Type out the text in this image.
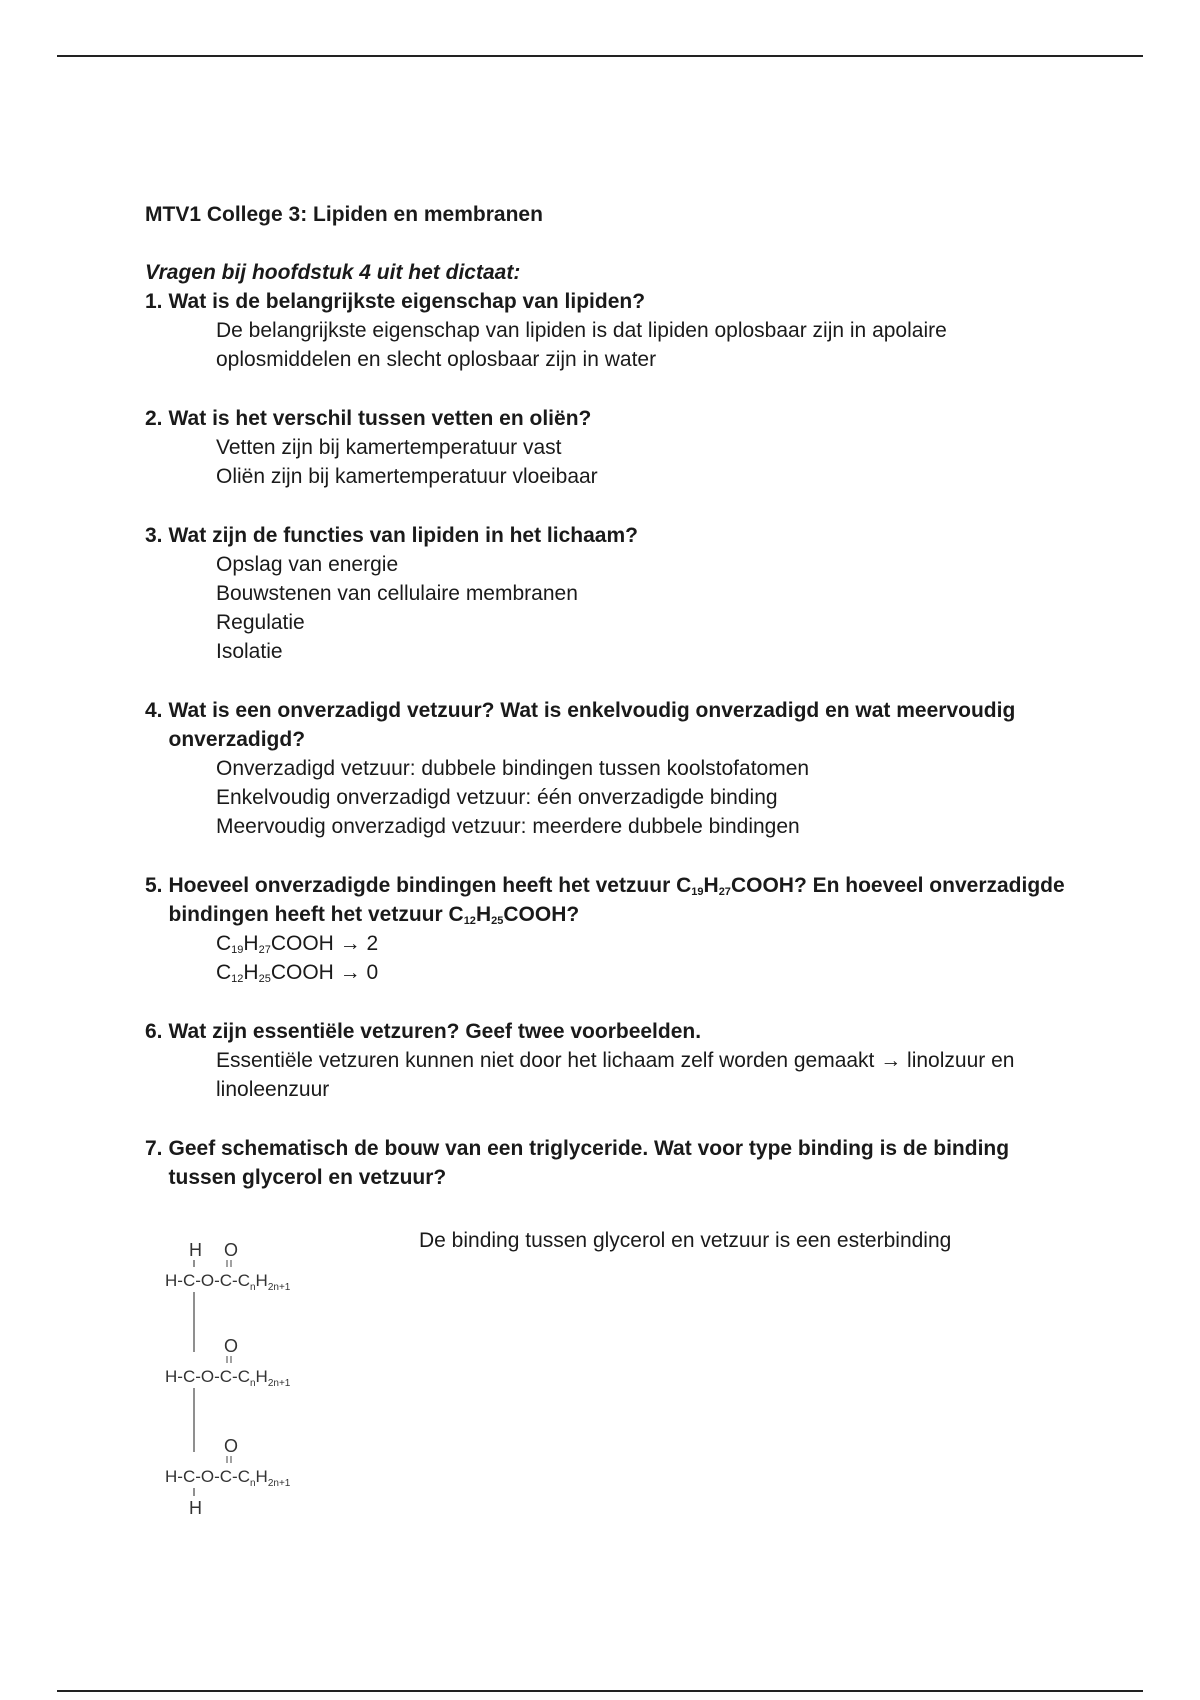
MTV1 College 3: Lipiden en membranen
Vragen bij hoofdstuk 4 uit het dictaat:
1. Wat is de belangrijkste eigenschap van lipiden?
De belangrijkste eigenschap van lipiden is dat lipiden oplosbaar zijn in apolaire oplosmiddelen en slecht oplosbaar zijn in water
2. Wat is het verschil tussen vetten en oliën?
Vetten zijn bij kamertemperatuur vast
Oliën zijn bij kamertemperatuur vloeibaar
3. Wat zijn de functies van lipiden in het lichaam?
Opslag van energie
Bouwstenen van cellulaire membranen
Regulatie
Isolatie
4. Wat is een onverzadigd vetzuur? Wat is enkelvoudig onverzadigd en wat meervoudig onverzadigd?
Onverzadigd vetzuur: dubbele bindingen tussen koolstofatomen
Enkelvoudig onverzadigd vetzuur: één onverzadigde binding
Meervoudig onverzadigd vetzuur: meerdere dubbele bindingen
5. Hoeveel onverzadigde bindingen heeft het vetzuur $C_{19}H_{27}COOH$? En hoeveel onverzadigde bindingen heeft het vetzuur $C_{12}H_{25}COOH$?
$C_{19}H_{27}COOH \to 2$
$C_{12}H_{25}COOH \to 0$
6. Wat zijn essentiële vetzuren? Geef twee voorbeelden.
Essentiële vetzuren kunnen niet door het lichaam zelf worden gemaakt → linolzuur en linoleenzuur
7. Geef schematisch de bouw van een triglyceride. Wat voor type binding is de binding tussen glycerol en vetzuur?
H O
$H-C-O-C-C_nH_{2n+1}$
O
$H-C-O-C-C_nH_{2n+1}$
O
$H-C-O-C-C_nH_{2n+1}$
H
De binding tussen glycerol en vetzuur is een esterbinding
